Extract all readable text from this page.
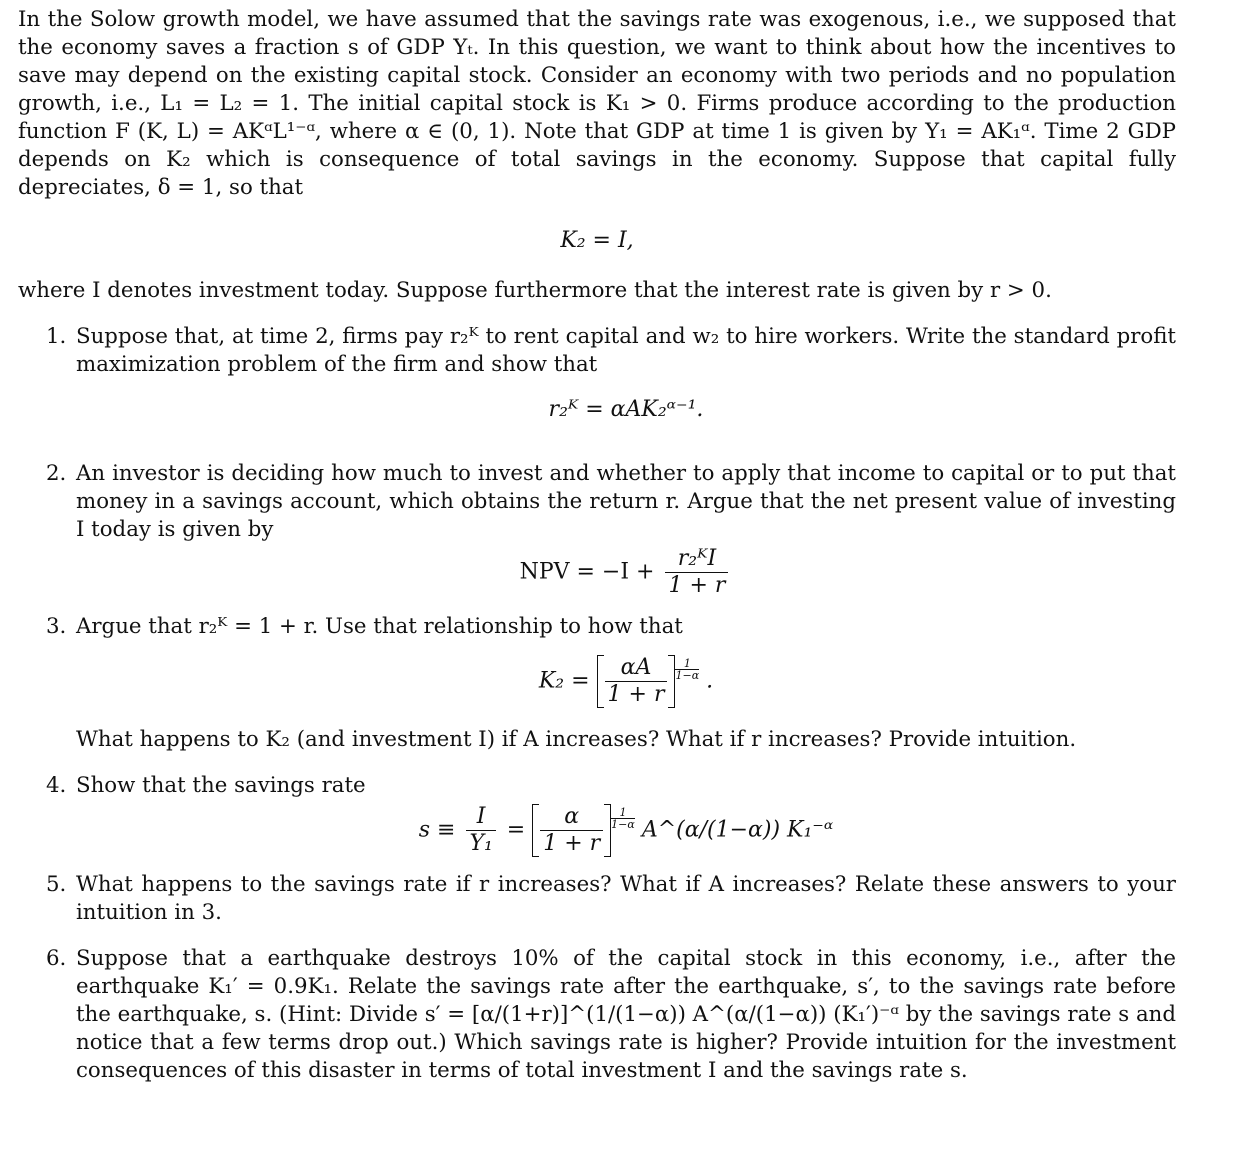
In the Solow growth model, we have assumed that the savings rate was exogenous, i.e., we supposed that the economy saves a fraction s of GDP Yₜ. In this question, we want to think about how the incentives to save may depend on the existing capital stock. Consider an economy with two periods and no population growth, i.e., L₁ = L₂ = 1. The initial capital stock is K₁ > 0. Firms produce according to the production function F (K, L) = AKᵅL¹⁻ᵅ, where α ∈ (0, 1). Note that GDP at time 1 is given by Y₁ = AK₁ᵅ. Time 2 GDP depends on K₂ which is consequence of total savings in the economy. Suppose that capital fully depreciates, δ = 1, so that

K₂ = I,

where I denotes investment today. Suppose furthermore that the interest rate is given by r > 0.

1. Suppose that, at time 2, firms pay r₂ᴷ to rent capital and w₂ to hire workers. Write the standard profit maximization problem of the firm and show that

r₂ᴷ = αAK₂ᵅ⁻¹.

2. An investor is deciding how much to invest and whether to apply that income to capital or to put that money in a savings account, which obtains the return r. Argue that the net present value of investing I today is given by

NPV = $-I + \frac{\text{r₂ᴷI}}{1 + r}$

3. Argue that r₂ᴷ = 1 + r. Use that relationship to how that

$K_2 = \frac{\alpha A}{1 + r} \frac{1}{1-\alpha}$ .

What happens to K₂ (and investment I) if A increases? What if r increases? Provide intuition.

4. Show that the savings rate

$s \equiv \frac{I}{\text{Y₁}} = \frac{\alpha}{1 + r} \frac{1}{1-\alpha}$ A^(α/(1−α)) K₁⁻ᵅ

5. What happens to the savings rate if r increases? What if A increases? Relate these answers to your intuition in 3.

6. Suppose that a earthquake destroys 10% of the capital stock in this economy, i.e., after the earthquake K₁′ = 0.9K₁. Relate the savings rate after the earthquake, s′, to the savings rate before the earthquake, s. (Hint: Divide s′ = [α/(1+r)]^(1/(1−α)) A^(α/(1−α)) (K₁′)⁻ᵅ by the savings rate s and notice that a few terms drop out.) Which savings rate is higher? Provide intuition for the investment consequences of this disaster in terms of total investment I and the savings rate s.
